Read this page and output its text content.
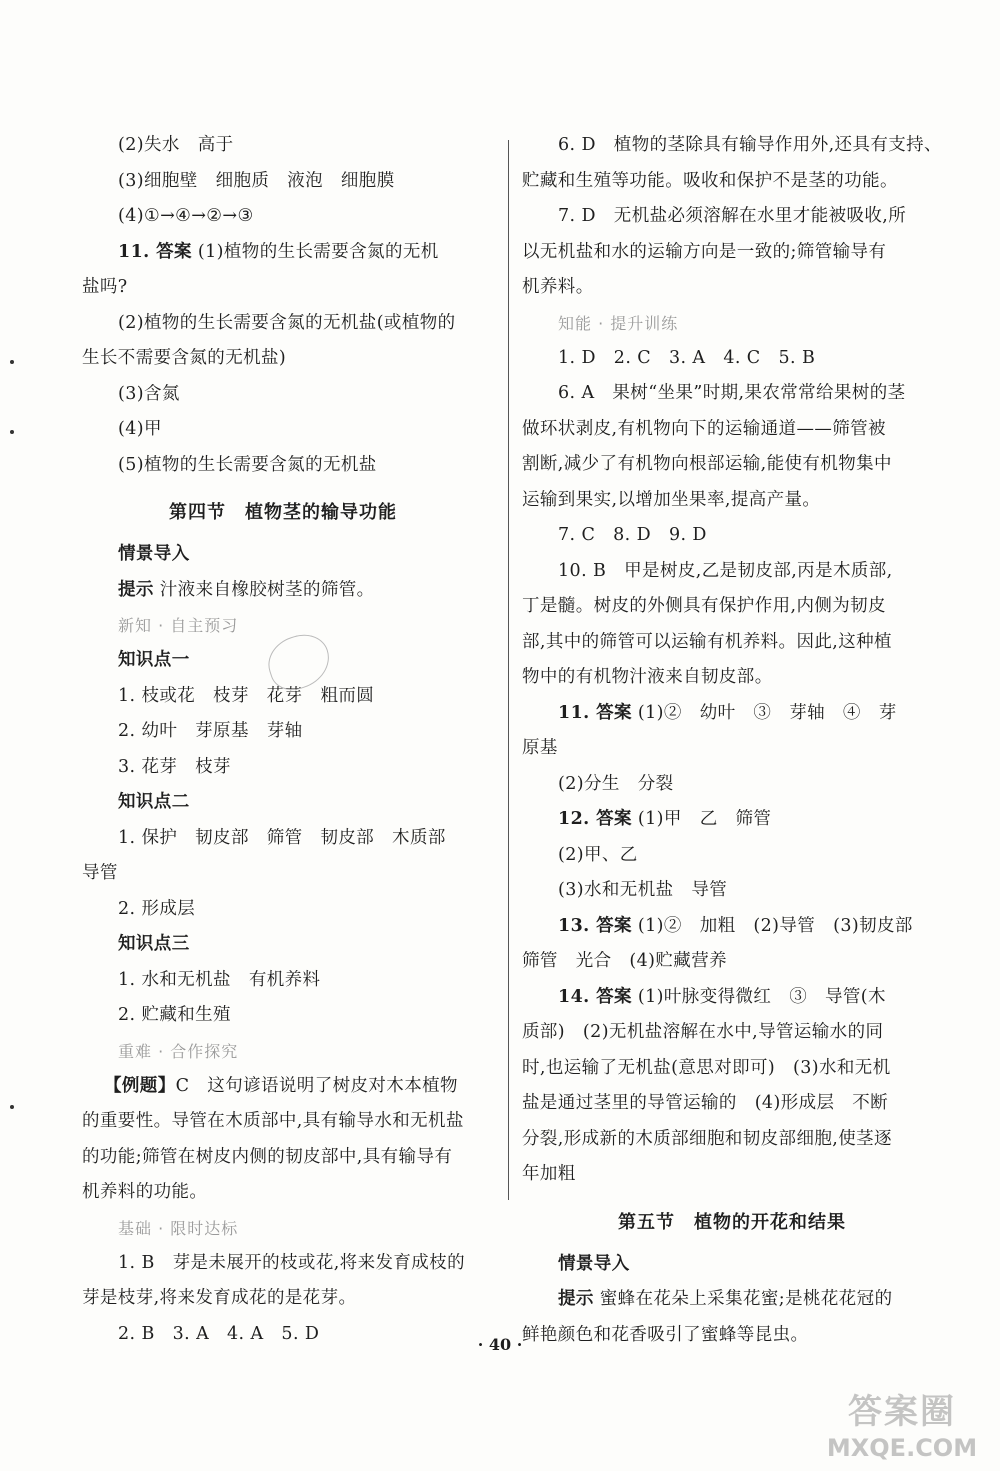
(2)失水　高于
(3)细胞壁　细胞质　液泡　细胞膜
(4)①→④→②→③
11. 答案 (1)植物的生长需要含氮的无机
盐吗?
(2)植物的生长需要含氮的无机盐(或植物的
生长不需要含氮的无机盐)
(3)含氮
(4)甲
(5)植物的生长需要含氮的无机盐
第四节　植物茎的输导功能
情景导入
提示 汁液来自橡胶树茎的筛管。
新知 · 自主预习
知识点一
1. 枝或花　枝芽　花芽　粗而圆
2. 幼叶　芽原基　芽轴
3. 花芽　枝芽
知识点二
1. 保护　韧皮部　筛管　韧皮部　木质部
导管
2. 形成层
知识点三
1. 水和无机盐　有机养料
2. 贮藏和生殖
重难 · 合作探究
【例题】C　这句谚语说明了树皮对木本植物
的重要性。导管在木质部中,具有输导水和无机盐
的功能;筛管在树皮内侧的韧皮部中,具有输导有
机养料的功能。
基础 · 限时达标
1. B　芽是未展开的枝或花,将来发育成枝的
芽是枝芽,将来发育成花的是花芽。
2. B　3. A　4. A　5. D

6. D　植物的茎除具有输导作用外,还具有支持、
贮藏和生殖等功能。吸收和保护不是茎的功能。
7. D　无机盐必须溶解在水里才能被吸收,所
以无机盐和水的运输方向是一致的;筛管输导有
机养料。
知能 · 提升训练
1. D　2. C　3. A　4. C　5. B
6. A　果树“坐果”时期,果农常常给果树的茎
做环状剥皮,有机物向下的运输通道——筛管被
割断,减少了有机物向根部运输,能使有机物集中
运输到果实,以增加坐果率,提高产量。
7. C　8. D　9. D
10. B　甲是树皮,乙是韧皮部,丙是木质部,
丁是髓。树皮的外侧具有保护作用,内侧为韧皮
部,其中的筛管可以运输有机养料。因此,这种植
物中的有机物汁液来自韧皮部。
11. 答案 (1)②　幼叶　③　芽轴　④　芽
原基
(2)分生　分裂
12. 答案 (1)甲　乙　筛管
(2)甲、乙
(3)水和无机盐　导管
13. 答案 (1)②　加粗　(2)导管　(3)韧皮部
筛管　光合　(4)贮藏营养
14. 答案 (1)叶脉变得微红　③　导管(木
质部)　(2)无机盐溶解在水中,导管运输水的同
时,也运输了无机盐(意思对即可)　(3)水和无机
盐是通过茎里的导管运输的　(4)形成层　不断
分裂,形成新的木质部细胞和韧皮部细胞,使茎逐
年加粗
第五节　植物的开花和结果
情景导入
提示 蜜蜂在花朵上采集花蜜;是桃花花冠的
鲜艳颜色和花香吸引了蜜蜂等昆虫。
· 40 ·
答案圈
MXQE.COM
